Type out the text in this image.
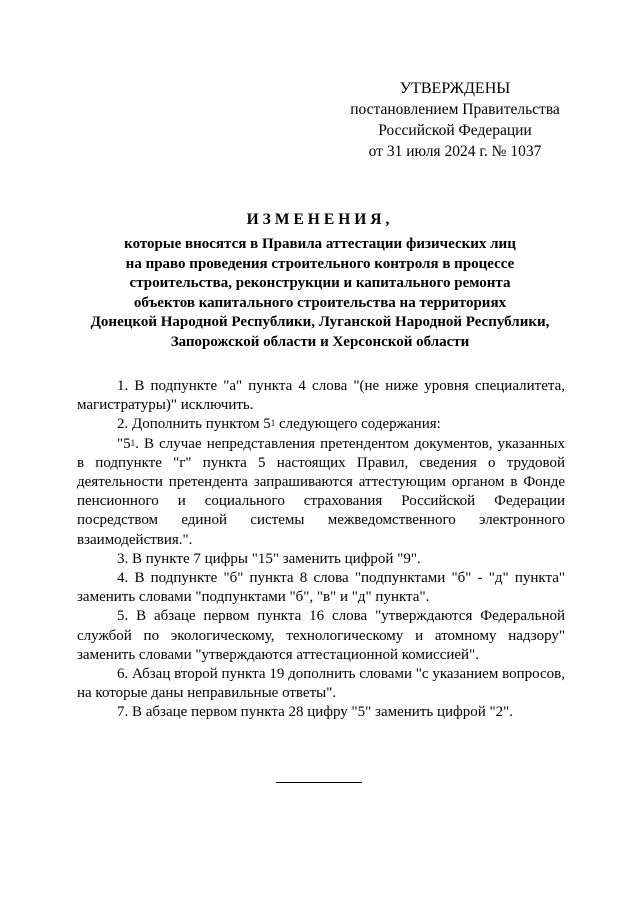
УТВЕРЖДЕНЫ
постановлением Правительства
Российской Федерации
от 31 июля 2024 г. № 1037
ИЗМЕНЕНИЯ,
которые вносятся в Правила аттестации физических лиц
на право проведения строительного контроля в процессе
строительства, реконструкции и капитального ремонта
объектов капитального строительства на территориях
Донецкой Народной Республики, Луганской Народной Республики,
Запорожской области и Херсонской области

1. В подпункте "а" пункта 4 слова "(не ниже уровня специалитета, магистратуры)" исключить.

2. Дополнить пунктом $5^1$ следующего содержания:

"$5^1$. В случае непредставления претендентом документов, указанных в подпункте "г" пункта 5 настоящих Правил, сведения о трудовой деятельности претендента запрашиваются аттестующим органом в Фонде пенсионного и социального страхования Российской Федерации посредством единой системы межведомственного электронного взаимодействия.".

3. В пункте 7 цифры "15" заменить цифрой "9".

4. В подпункте "б" пункта 8 слова "подпунктами "б" - "д" пункта" заменить словами "подпунктами "б", "в" и "д" пункта".

5. В абзаце первом пункта 16 слова "утверждаются Федеральной службой по экологическому, технологическому и атомному надзору" заменить словами "утверждаются аттестационной комиссией".

6. Абзац второй пункта 19 дополнить словами "с указанием вопросов, на которые даны неправильные ответы".

7. В абзаце первом пункта 28 цифру "5" заменить цифрой "2".
